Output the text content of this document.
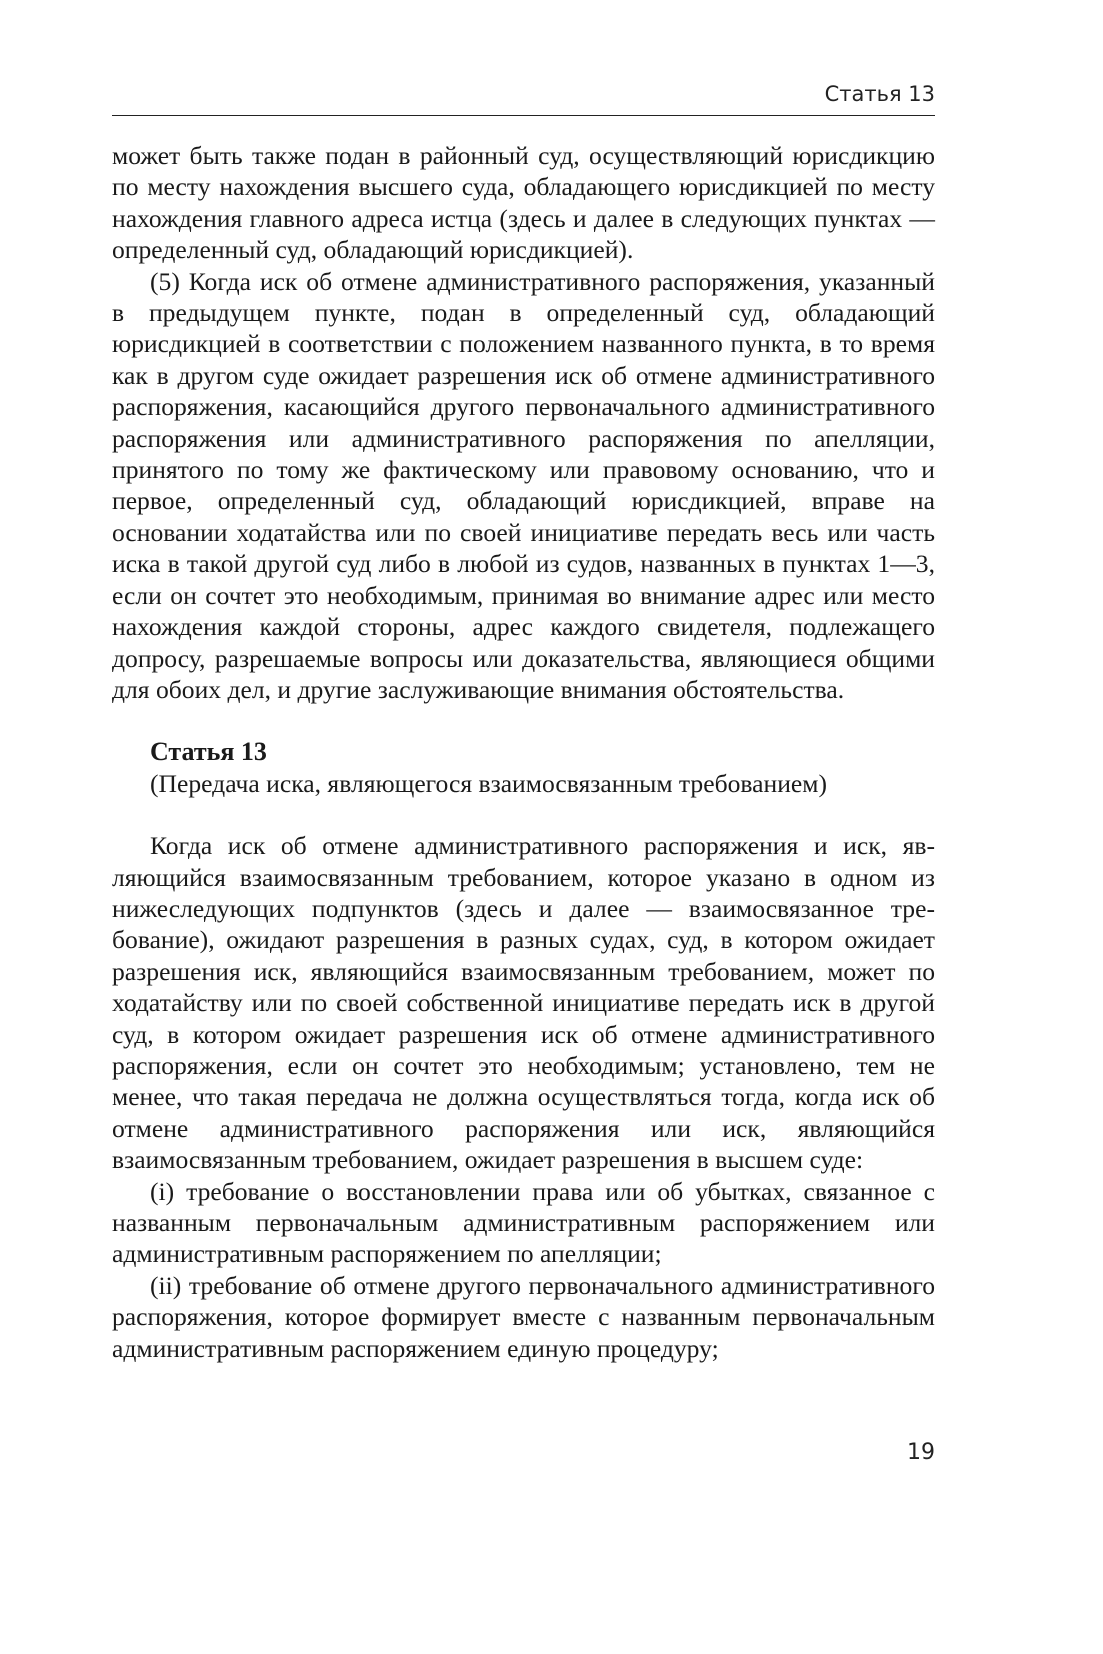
Статья 13

может быть также подан в районный суд, осуществляющий юрисдикцию по месту нахождения высшего суда, обладающего юрисдикцией по месту нахождения главного адреса истца (здесь и далее в следующих пунктах — определенный суд, обладающий юрисдикцией).

(5) Когда иск об отмене административного распоряжения, указанный в предыдущем пункте, подан в определенный суд, обладающий юрисдикцией в соответствии с положением названного пункта, в то время как в другом суде ожидает разрешения иск об отмене административного распоряжения, касающийся другого первоначального административного распоряжения или административного распоряжения по апелляции, принятого по тому же фактическому или правовому основанию, что и первое, определенный суд, обладающий юрисдикцией, вправе на основании ходатайства или по своей инициативе передать весь или часть иска в такой другой суд либо в любой из судов, названных в пунктах 1—3, если он сочтет это необходимым, принимая во внимание адрес или место нахождения каждой стороны, адрес каждого свидетеля, подлежащего допросу, разрешаемые вопросы или доказательства, являющиеся общими для обоих дел, и другие заслуживающие внимания обстоятельства.

Статья 13
(Передача иска, являющегося взаимосвязанным требованием)

Когда иск об отмене административного распоряжения и иск, являющийся взаимосвязанным требованием, которое указано в одном из нижеследующих подпунктов (здесь и далее — взаимосвязанное требование), ожидают разрешения в разных судах, суд, в котором ожидает разрешения иск, являющийся взаимосвязанным требованием, может по ходатайству или по своей собственной инициативе передать иск в другой суд, в котором ожидает разрешения иск об отмене административного распоряжения, если он сочтет это необходимым; установлено, тем не менее, что такая передача не должна осуществляться тогда, когда иск об отмене административного распоряжения или иск, являющийся взаимосвязанным требованием, ожидает разрешения в высшем суде:

(i) требование о восстановлении права или об убытках, связанное с названным первоначальным административным распоряжением или административным распоряжением по апелляции;

(ii) требование об отмене другого первоначального административного распоряжения, которое формирует вместе с названным первоначальным административным распоряжением единую процедуру;

19
